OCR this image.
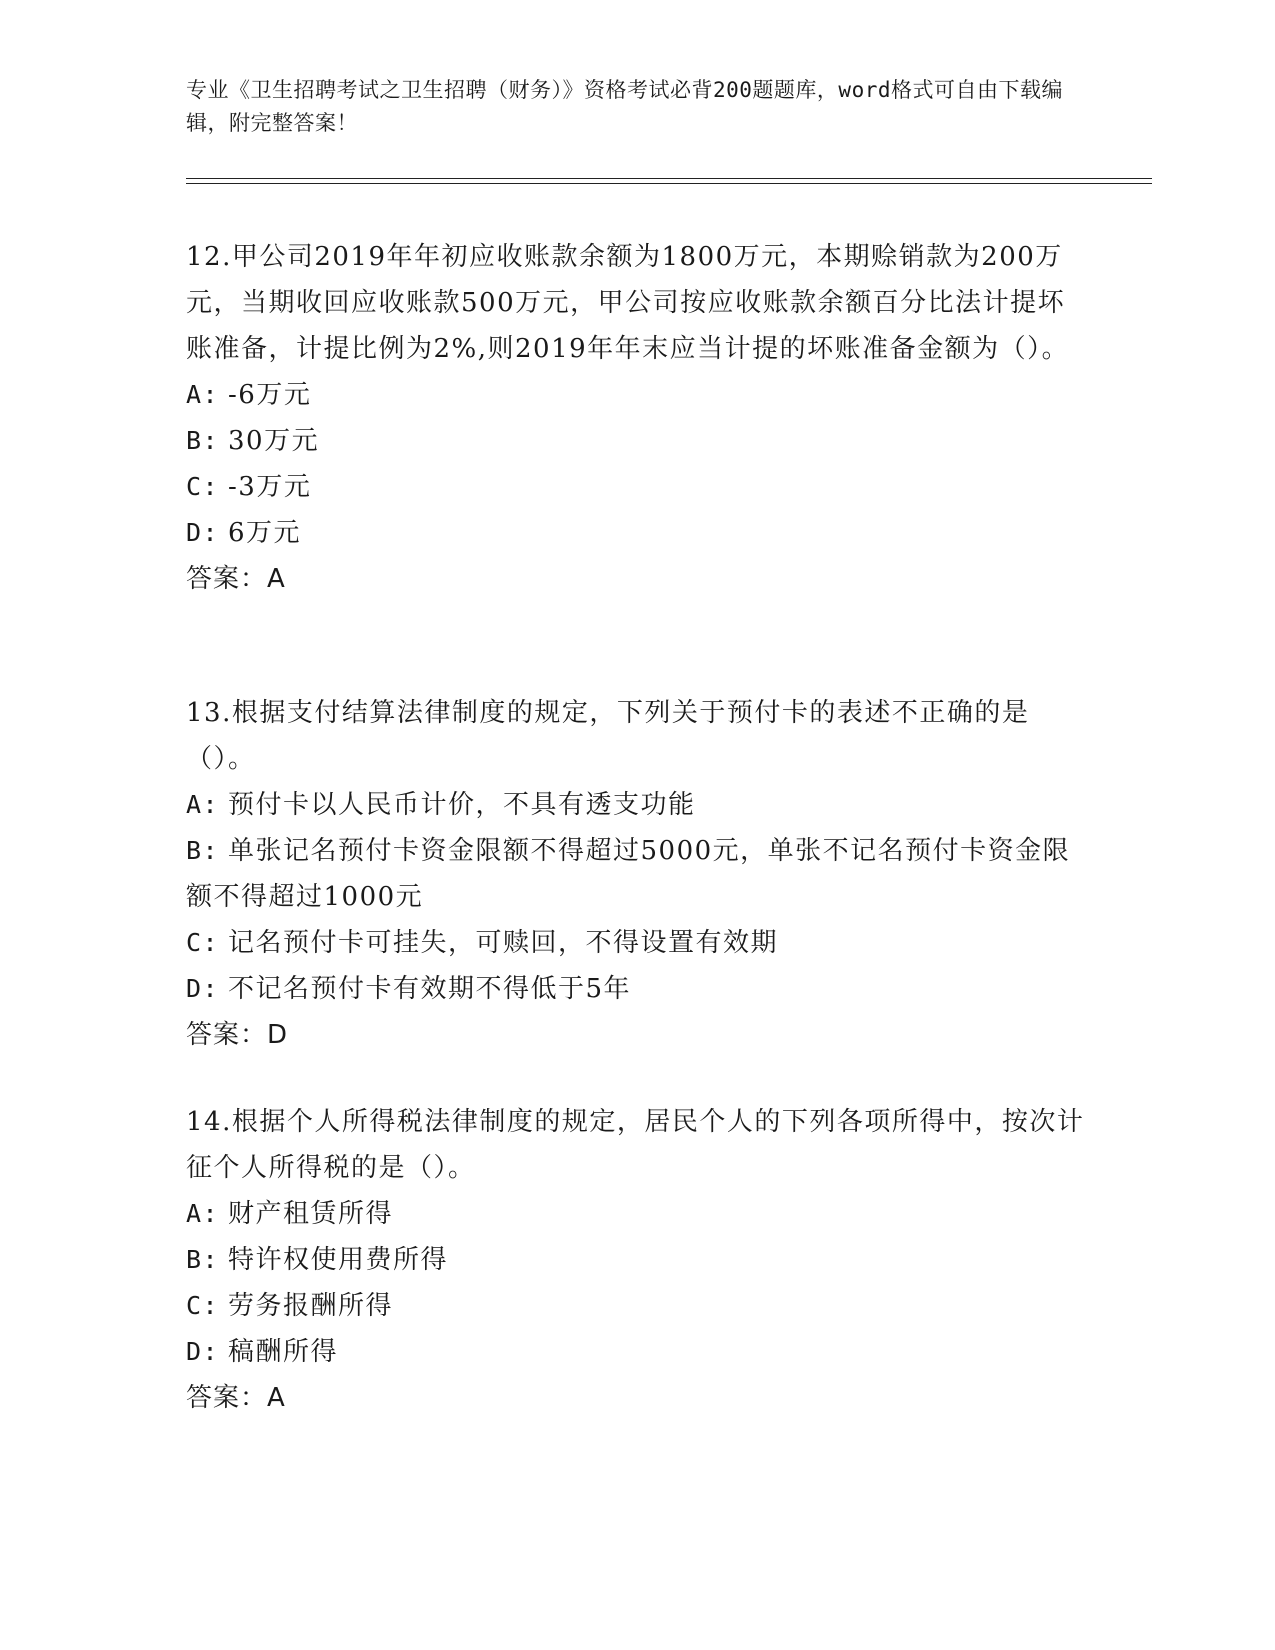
专业《卫生招聘考试之卫生招聘（财务）》资格考试必背200题题库，word格式可自由下载编辑，附完整答案！
12.甲公司2019年年初应收账款余额为1800万元，本期赊销款为200万元，当期收回应收账款500万元，甲公司按应收账款余额百分比法计提坏账准备，计提比例为2%,则2019年年末应当计提的坏账准备金额为（）。
A: -6万元
B: 30万元
C: -3万元
D: 6万元
答案：A
13.根据支付结算法律制度的规定，下列关于预付卡的表述不正确的是（）。
A: 预付卡以人民币计价，不具有透支功能
B: 单张记名预付卡资金限额不得超过5000元，单张不记名预付卡资金限额不得超过1000元
C: 记名预付卡可挂失，可赎回，不得设置有效期
D: 不记名预付卡有效期不得低于5年
答案：D
14.根据个人所得税法律制度的规定，居民个人的下列各项所得中，按次计征个人所得税的是（）。
A: 财产租赁所得
B: 特许权使用费所得
C: 劳务报酬所得
D: 稿酬所得
答案：A
